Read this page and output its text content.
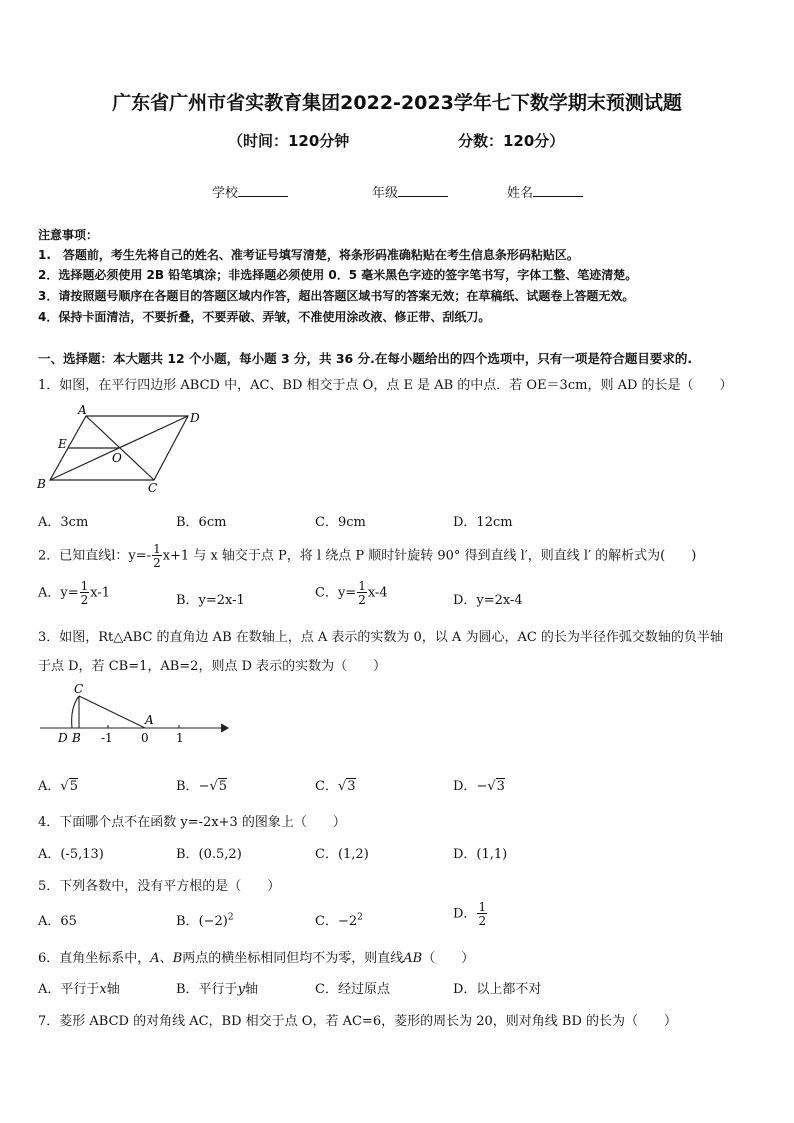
广东省广州市省实教育集团2022-2023学年七下数学期末预测试题
（时间：120分钟	分数：120分）
学校	年级	姓名
注意事项：
1.　答题前，考生先将自己的姓名、准考证号填写清楚，将条形码准确粘贴在考生信息条形码粘贴区。
2．选择题必须使用 2B 铅笔填涂；非选择题必须使用 0．5 毫米黑色字迹的签字笔书写，字体工整、笔迹清楚。
3．请按照题号顺序在各题目的答题区域内作答，超出答题区域书写的答案无效；在草稿纸、试题卷上答题无效。
4．保持卡面清洁，不要折叠，不要弄破、弄皱，不准使用涂改液、修正带、刮纸刀。
一、选择题：本大题共 12 个小题，每小题 3 分，共 36 分.在每小题给出的四个选项中，只有一项是符合题目要求的.
1．如图，在平行四边形 ABCD 中，AC、BD 相交于点 O，点 E 是 AB 的中点．若 OE＝3cm，则 AD 的长是（　　）
A
D
E
O
B	C
A．3cm	B．6cm	C．9cm	D．12cm
2．已知直线l：$y=- \frac{1}{2} x+1$ 与 x 轴交于点 P，将 l 绕点 P 顺时针旋转 90° 得到直线 l′，则直线 l′ 的解析式为(　　)
A．$y= \frac{1}{2} x-1$	B．y=2x-1	C．$y= \frac{1}{2} x-4$	D．y=2x-4
3．如图，Rt△ABC 的直角边 AB 在数轴上，点 A 表示的实数为 0，以 A 为圆心，AC 的长为半径作弧交数轴的负半轴
于点 D，若 CB=1，AB=2，则点 D 表示的实数为（　　）
C
A
D B -1 0 1
A．√5	B．−√5	C．√3	D．−√3
4．下面哪个点不在函数 y=-2x+3 的图象上（　　）
A．(-5,13)	B．(0.5,2)	C．(1,2)	D．(1,1)
5．下列各数中，没有平方根的是（　　）
A．65	B．$(-2)^2$	C．$-2^2$	D． $\frac{1}{2}$
6．直角坐标系中，A、B两点的横坐标相同但均不为零，则直线AB（　　）
A．平行于x轴	B．平行于y轴	C．经过原点	D．以上都不对
7．菱形 ABCD 的对角线 AC，BD 相交于点 O，若 AC=6，菱形的周长为 20，则对角线 BD 的长为（　　）
